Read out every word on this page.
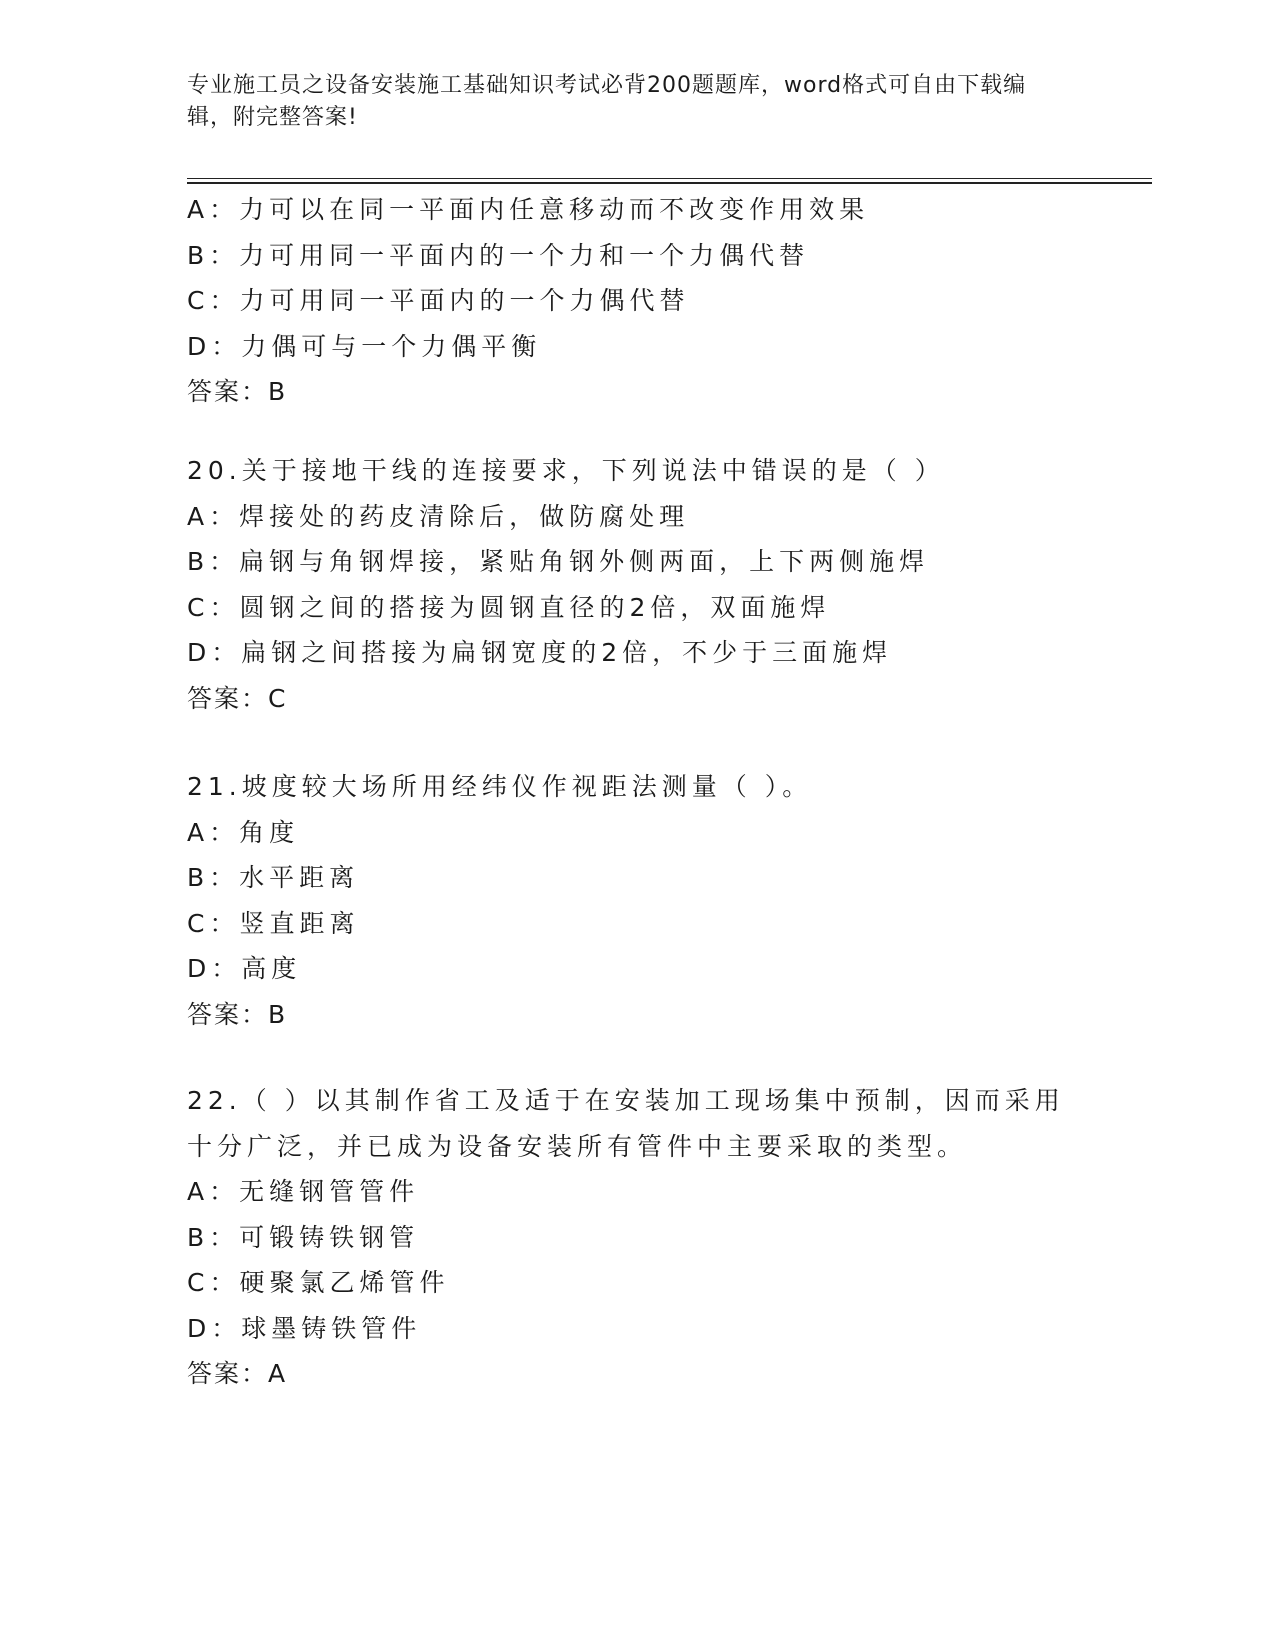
专业施工员之设备安装施工基础知识考试必背200题题库，word格式可自由下载编辑，附完整答案!
A：力可以在同一平面内任意移动而不改变作用效果
B：力可用同一平面内的一个力和一个力偶代替
C：力可用同一平面内的一个力偶代替
D：力偶可与一个力偶平衡
答案：B
20.关于接地干线的连接要求，下列说法中错误的是（ ）
A：焊接处的药皮清除后，做防腐处理
B：扁钢与角钢焊接，紧贴角钢外侧两面，上下两侧施焊
C：圆钢之间的搭接为圆钢直径的2倍，双面施焊
D：扁钢之间搭接为扁钢宽度的2倍，不少于三面施焊
答案：C
21.坡度较大场所用经纬仪作视距法测量（ ）。
A：角度
B：水平距离
C：竖直距离
D：高度
答案：B
22.（ ）以其制作省工及适于在安装加工现场集中预制，因而采用十分广泛，并已成为设备安装所有管件中主要采取的类型。
A：无缝钢管管件
B：可锻铸铁钢管
C：硬聚氯乙烯管件
D：球墨铸铁管件
答案：A
